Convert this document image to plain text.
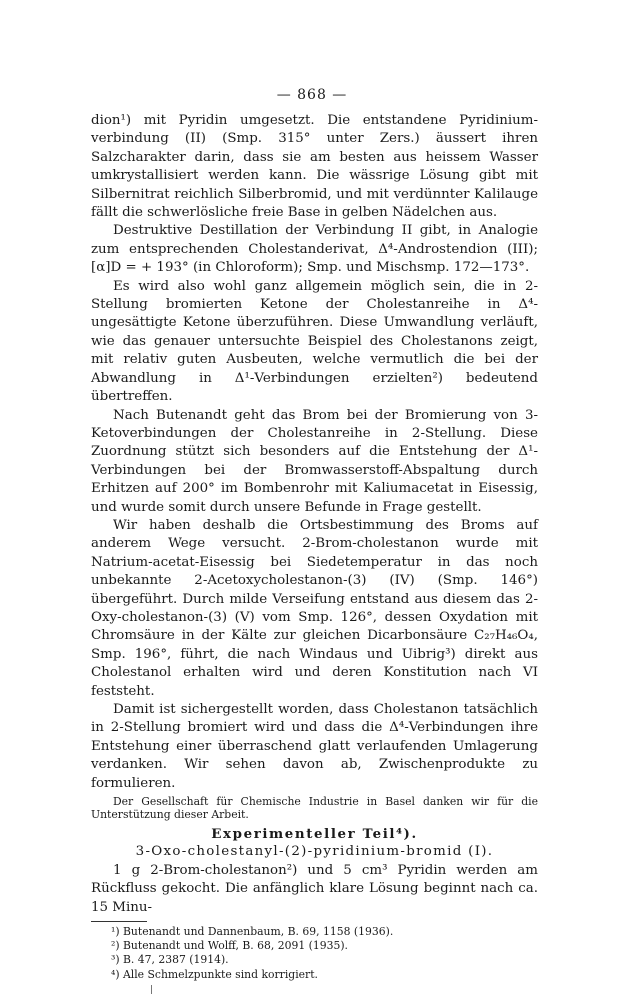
— 868 —

dion¹) mit Pyridin umgesetzt. Die entstandene Pyridinium-verbindung (II) (Smp. 315° unter Zers.) äussert ihren Salzcharakter darin, dass sie am besten aus heissem Wasser umkrystallisiert werden kann. Die wässrige Lösung gibt mit Silbernitrat reichlich Silberbromid, und mit verdünnter Kalilauge fällt die schwerlösliche freie Base in gelben Nädelchen aus.

Destruktive Destillation der Verbindung II gibt, in Analogie zum entsprechenden Cholestanderivat, Δ⁴-Androstendion (III); [α]D = + 193° (in Chloroform); Smp. und Mischsmp. 172—173°.

Es wird also wohl ganz allgemein möglich sein, die in 2-Stellung bromierten Ketone der Cholestanreihe in Δ⁴-ungesättigte Ketone überzuführen. Diese Umwandlung verläuft, wie das genauer untersuchte Beispiel des Cholestanons zeigt, mit relativ guten Ausbeuten, welche vermutlich die bei der Abwandlung in Δ¹-Verbindungen erzielten²) bedeutend übertreffen.

Nach Butenandt geht das Brom bei der Bromierung von 3-Ketoverbindungen der Cholestanreihe in 2-Stellung. Diese Zuordnung stützt sich besonders auf die Entstehung der Δ¹-Verbindungen bei der Bromwasserstoff-Abspaltung durch Erhitzen auf 200° im Bombenrohr mit Kaliumacetat in Eisessig, und wurde somit durch unsere Befunde in Frage gestellt.

Wir haben deshalb die Ortsbestimmung des Broms auf anderem Wege versucht. 2-Brom-cholestanon wurde mit Natrium-acetat-Eisessig bei Siedetemperatur in das noch unbekannte 2-Acetoxycholestanon-(3) (IV) (Smp. 146°) übergeführt. Durch milde Verseifung entstand aus diesem das 2-Oxy-cholestanon-(3) (V) vom Smp. 126°, dessen Oxydation mit Chromsäure in der Kälte zur gleichen Dicarbonsäure C₂₇H₄₆O₄, Smp. 196°, führt, die nach Windaus und Uibrig³) direkt aus Cholestanol erhalten wird und deren Konstitution nach VI feststeht.

Damit ist sichergestellt worden, dass Cholestanon tatsächlich in 2-Stellung bromiert wird und dass die Δ⁴-Verbindungen ihre Entstehung einer überraschend glatt verlaufenden Umlagerung verdanken. Wir sehen davon ab, Zwischenprodukte zu formulieren.

Der Gesellschaft für Chemische Industrie in Basel danken wir für die Unterstützung dieser Arbeit.

Experimenteller Teil⁴).

3-Oxo-cholestanyl-(2)-pyridinium-bromid (I).

1 g 2-Brom-cholestanon²) und 5 cm³ Pyridin werden am Rückfluss gekocht. Die anfänglich klare Lösung beginnt nach ca. 15 Minu-

¹) Butenandt und Dannenbaum, B. 69, 1158 (1936).

²) Butenandt und Wolff, B. 68, 2091 (1935).

³) B. 47, 2387 (1914).

⁴) Alle Schmelzpunkte sind korrigiert.
